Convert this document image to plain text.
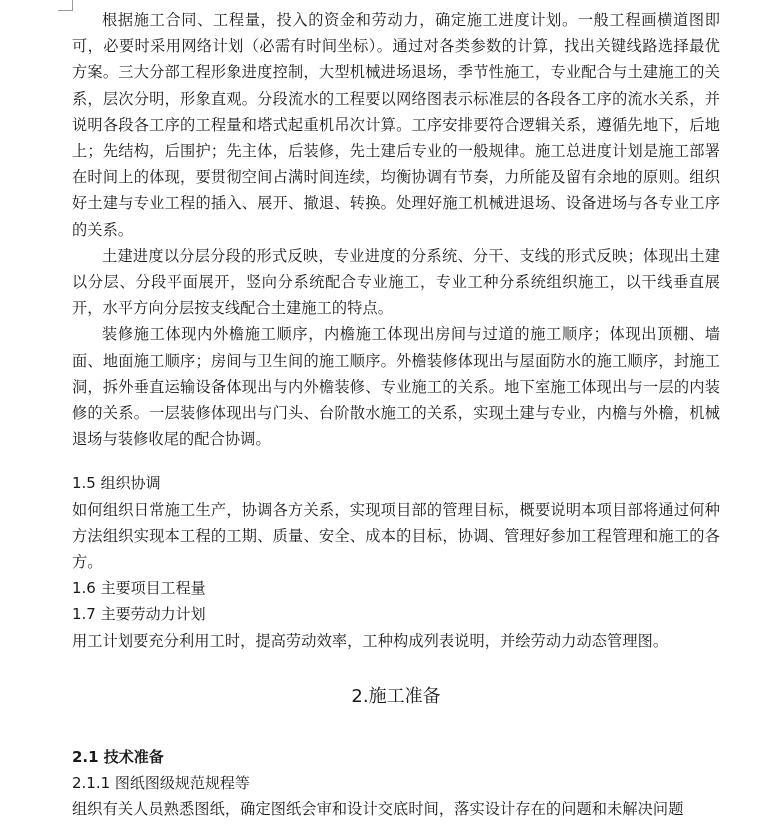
根据施工合同、工程量，投入的资金和劳动力，确定施工进度计划。一般工程画横道图即可，必要时采用网络计划（必需有时间坐标）。通过对各类参数的计算，找出关键线路选择最优方案。三大分部工程形象进度控制，大型机械进场退场，季节性施工，专业配合与土建施工的关系，层次分明，形象直观。分段流水的工程要以网络图表示标准层的各段各工序的流水关系，并说明各段各工序的工程量和塔式起重机吊次计算。工序安排要符合逻辑关系，遵循先地下，后地上；先结构，后围护；先主体，后装修，先土建后专业的一般规律。施工总进度计划是施工部署在时间上的体现，要贯彻空间占满时间连续，均衡协调有节奏，力所能及留有余地的原则。组织好土建与专业工程的插入、展开、撤退、转换。处理好施工机械进退场、设备进场与各专业工序的关系。

土建进度以分层分段的形式反映，专业进度的分系统、分干、支线的形式反映；体现出土建以分层、分段平面展开，竖向分系统配合专业施工，专业工种分系统组织施工，以干线垂直展开，水平方向分层按支线配合土建施工的特点。

装修施工体现内外檐施工顺序，内檐施工体现出房间与过道的施工顺序；体现出顶棚、墙面、地面施工顺序；房间与卫生间的施工顺序。外檐装修体现出与屋面防水的施工顺序，封施工洞，拆外垂直运输设备体现出与内外檐装修、专业施工的关系。地下室施工体现出与一层的内装修的关系。一层装修体现出与门头、台阶散水施工的关系，实现土建与专业，内檐与外檐，机械退场与装修收尾的配合协调。

1.5 组织协调

如何组织日常施工生产，协调各方关系，实现项目部的管理目标，概要说明本项目部将通过何种方法组织实现本工程的工期、质量、安全、成本的目标，协调、管理好参加工程管理和施工的各方。

1.6 主要项目工程量

1.7 主要劳动力计划

用工计划要充分利用工时，提高劳动效率，工种构成列表说明，并绘劳动力动态管理图。

2.施工准备

2.1 技术准备

2.1.1 图纸图级规范规程等

组织有关人员熟悉图纸，确定图纸会审和设计交底时间，落实设计存在的问题和未解决问题
